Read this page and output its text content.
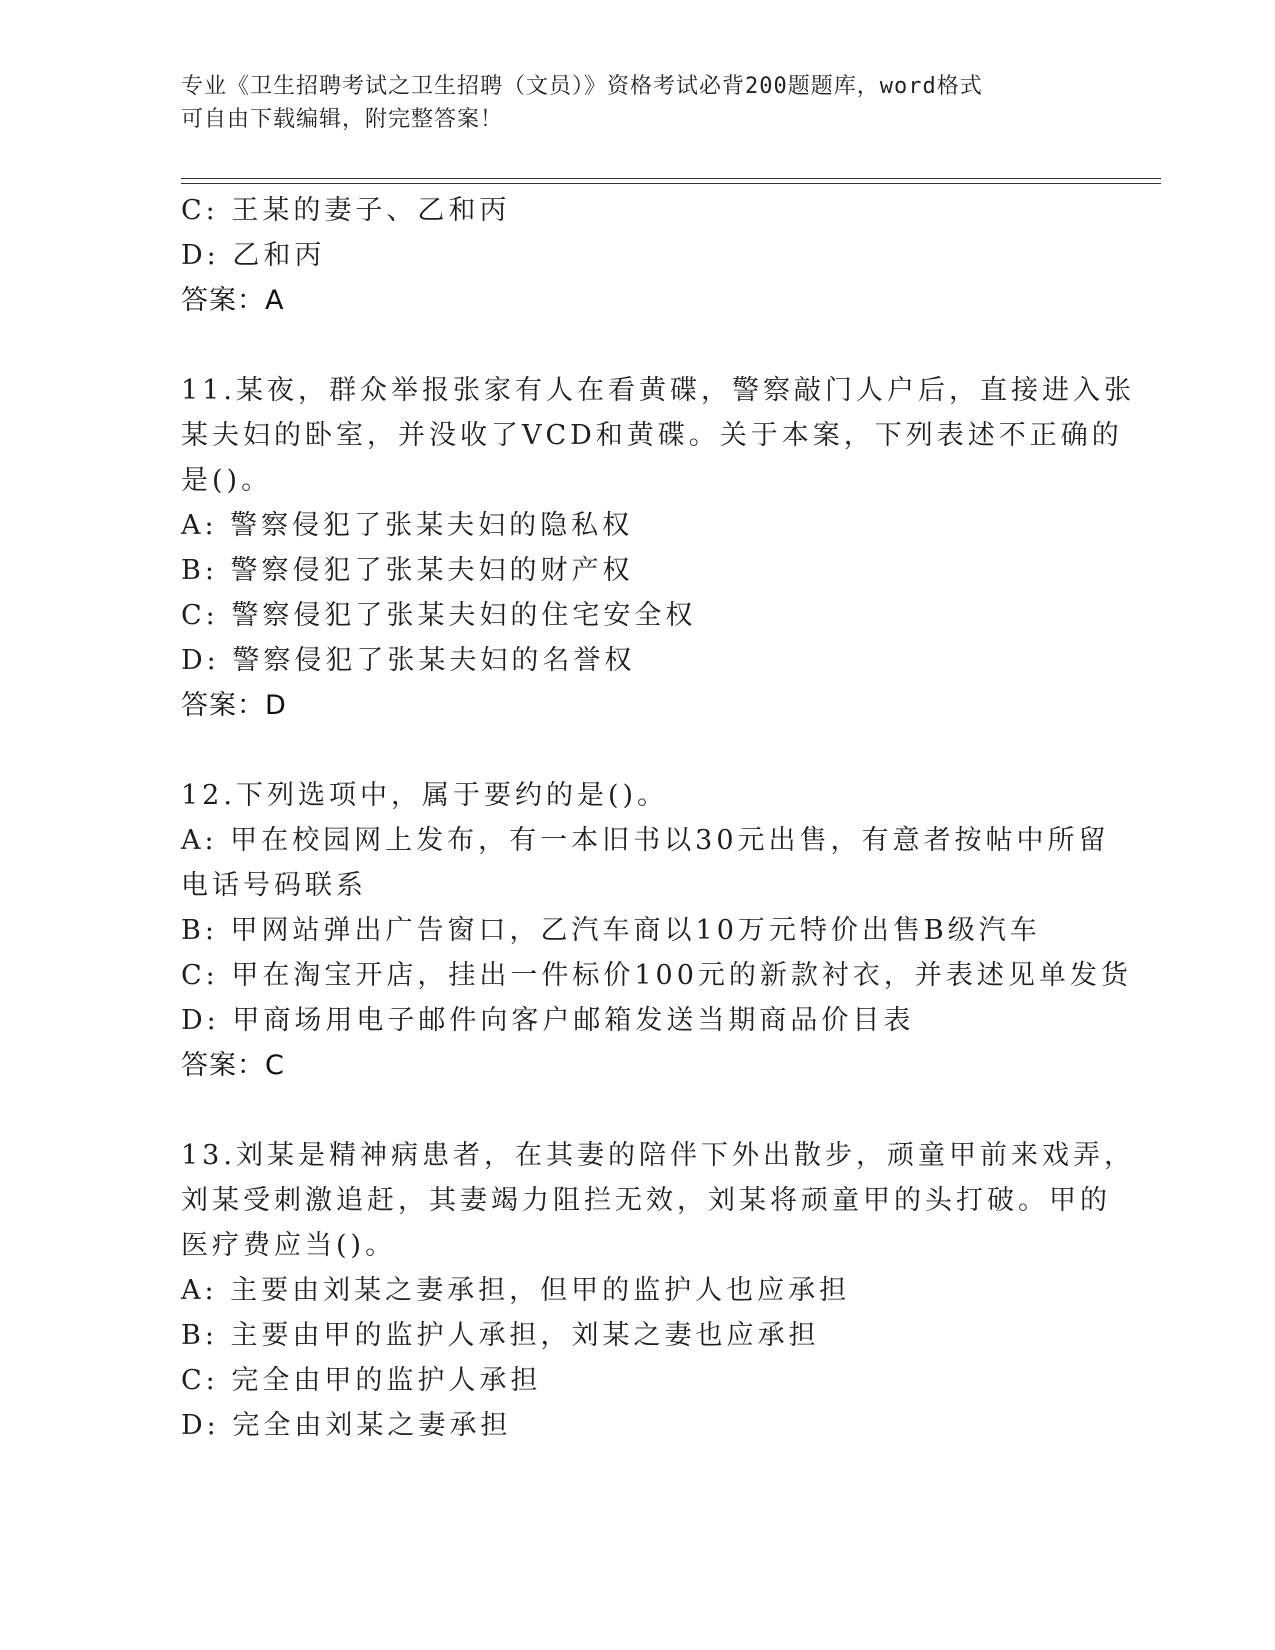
专业《卫生招聘考试之卫生招聘（文员）》资格考试必背200题题库，word格式
可自由下载编辑，附完整答案！
C: 王某的妻子、乙和丙
D: 乙和丙
答案：A
11.某夜，群众举报张家有人在看黄碟，警察敲门人户后，直接进入张
某夫妇的卧室，并没收了VCD和黄碟。关于本案，下列表述不正确的
是()。
A: 警察侵犯了张某夫妇的隐私权
B: 警察侵犯了张某夫妇的财产权
C: 警察侵犯了张某夫妇的住宅安全权
D: 警察侵犯了张某夫妇的名誉权
答案：D
12.下列选项中，属于要约的是()。
A: 甲在校园网上发布，有一本旧书以30元出售，有意者按帖中所留
电话号码联系
B: 甲网站弹出广告窗口，乙汽车商以10万元特价出售B级汽车
C: 甲在淘宝开店，挂出一件标价100元的新款衬衣，并表述见单发货
D: 甲商场用电子邮件向客户邮箱发送当期商品价目表
答案：C
13.刘某是精神病患者，在其妻的陪伴下外出散步，顽童甲前来戏弄，
刘某受刺激追赶，其妻竭力阻拦无效，刘某将顽童甲的头打破。甲的
医疗费应当()。
A: 主要由刘某之妻承担，但甲的监护人也应承担
B: 主要由甲的监护人承担，刘某之妻也应承担
C: 完全由甲的监护人承担
D: 完全由刘某之妻承担
